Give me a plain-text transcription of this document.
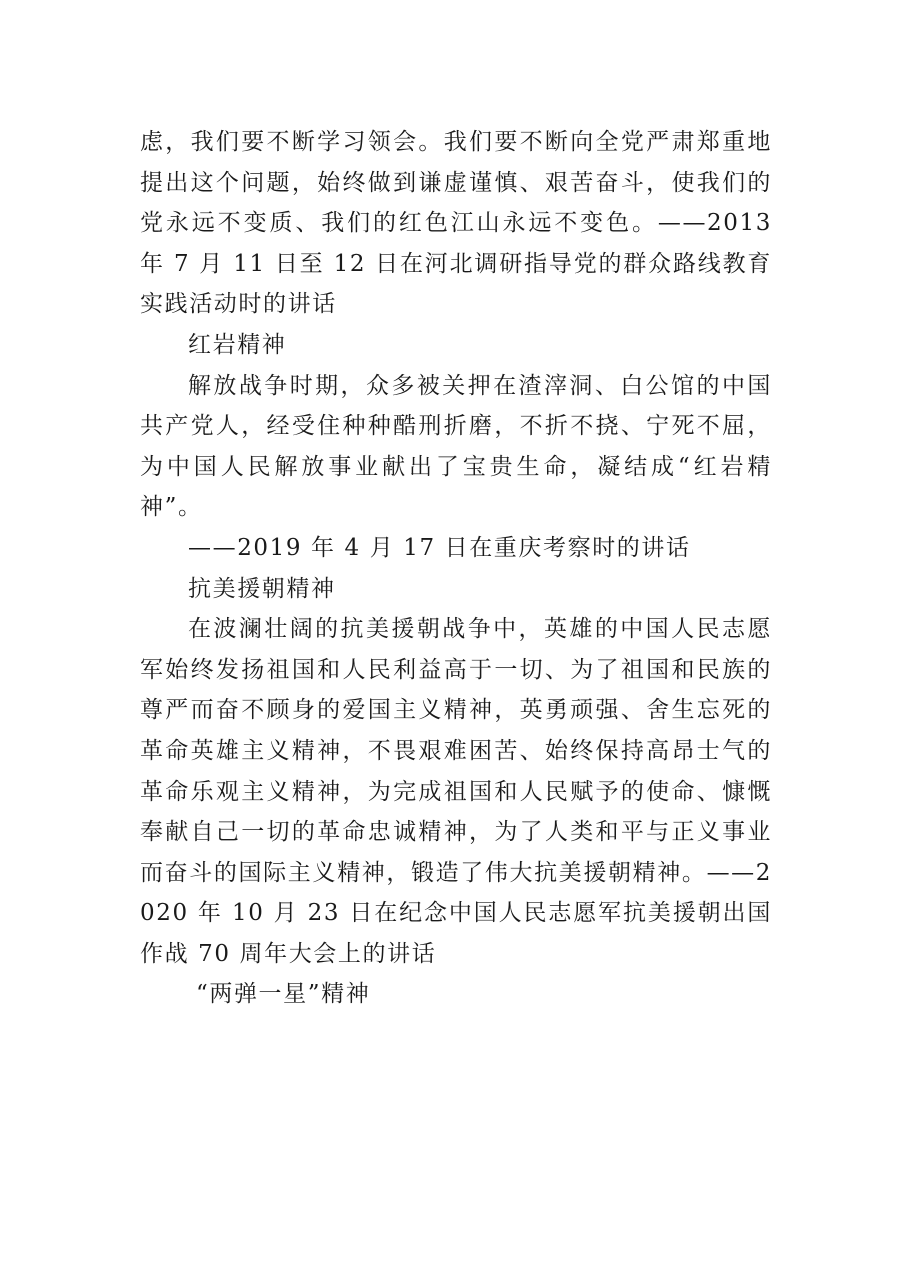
虑，我们要不断学习领会。我们要不断向全党严肃郑重地提出这个问题，始终做到谦虚谨慎、艰苦奋斗，使我们的党永远不变质、我们的红色江山永远不变色。——2013 年 7 月 11 日至 12 日在河北调研指导党的群众路线教育实践活动时的讲话

红岩精神

解放战争时期，众多被关押在渣滓洞、白公馆的中国共产党人，经受住种种酷刑折磨，不折不挠、宁死不屈，为中国人民解放事业献出了宝贵生命，凝结成“红岩精神”。

——2019 年 4 月 17 日在重庆考察时的讲话

抗美援朝精神

在波澜壮阔的抗美援朝战争中，英雄的中国人民志愿军始终发扬祖国和人民利益高于一切、为了祖国和民族的尊严而奋不顾身的爱国主义精神，英勇顽强、舍生忘死的革命英雄主义精神，不畏艰难困苦、始终保持高昂士气的革命乐观主义精神，为完成祖国和人民赋予的使命、慷慨奉献自己一切的革命忠诚精神，为了人类和平与正义事业而奋斗的国际主义精神，锻造了伟大抗美援朝精神。——2020 年 10 月 23 日在纪念中国人民志愿军抗美援朝出国作战 70 周年大会上的讲话

“两弹一星”精神
